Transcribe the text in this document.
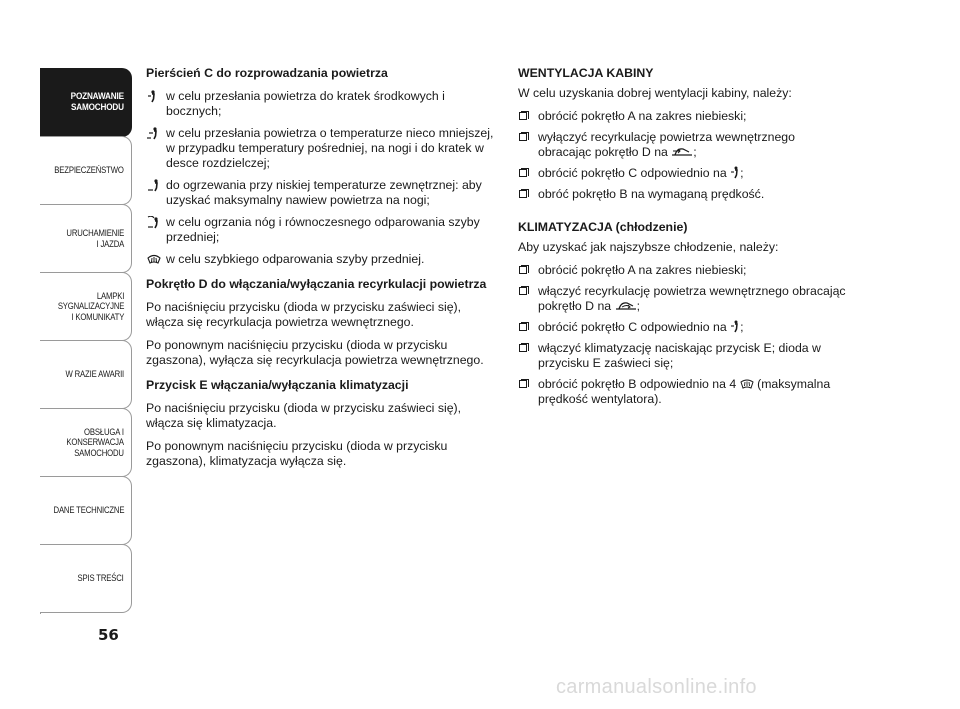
POZNAWANIE
SAMOCHODU
BEZPIECZEŃSTWO
URUCHAMIENIE
I JAZDA
LAMPKI
SYGNALIZACYJNE
I KOMUNIKATY
W RAZIE AWARII
OBSŁUGA I
KONSERWACJA
SAMOCHODU
DANE TECHNICZNE
SPIS TREŚCI
56
Pierścień C do rozprowadzania powietrza
w celu przesłania powietrza do kratek środkowych i bocznych;
w celu przesłania powietrza o temperaturze nieco mniejszej, w przypadku temperatury pośredniej, na nogi i do kratek w desce rozdzielczej;
do ogrzewania przy niskiej temperaturze zewnętrznej: aby uzyskać maksymalny nawiew powietrza na nogi;
w celu ogrzania nóg i równoczesnego odparowania szyby przedniej;
w celu szybkiego odparowania szyby przedniej.
Pokrętło D do włączania/wyłączania recyrkulacji powietrza

Po naciśnięciu przycisku (dioda w przycisku zaświeci się), włącza się recyrkulacja powietrza wewnętrznego.

Po ponownym naciśnięciu przycisku (dioda w przycisku zgaszona), wyłącza się recyrkulacja powietrza wewnętrznego.

Przycisk E włączania/wyłączania klimatyzacji

Po naciśnięciu przycisku (dioda w przycisku zaświeci się), włącza się klimatyzacja.

Po ponownym naciśnięciu przycisku (dioda w przycisku zgaszona), klimatyzacja wyłącza się.

WENTYLACJA KABINY

W celu uzyskania dobrej wentylacji kabiny, należy:

obrócić pokrętło A na zakres niebieski;
wyłączyć recyrkulację powietrza wewnętrznego obracając pokrętło D na ;
obrócić pokrętło C odpowiednio na ;
obróć pokrętło B na wymaganą prędkość.
KLIMATYZACJA (chłodzenie)

Aby uzyskać jak najszybsze chłodzenie, należy:

obrócić pokrętło A na zakres niebieski;
włączyć recyrkulację powietrza wewnętrznego obracając pokrętło D na ;
obrócić pokrętło C odpowiednio na ;
włączyć klimatyzację naciskając przycisk E; dioda w przycisku E zaświeci się;
obrócić pokrętło B odpowiednio na 4 (maksymalna prędkość wentylatora).
carmanualsonline.info
